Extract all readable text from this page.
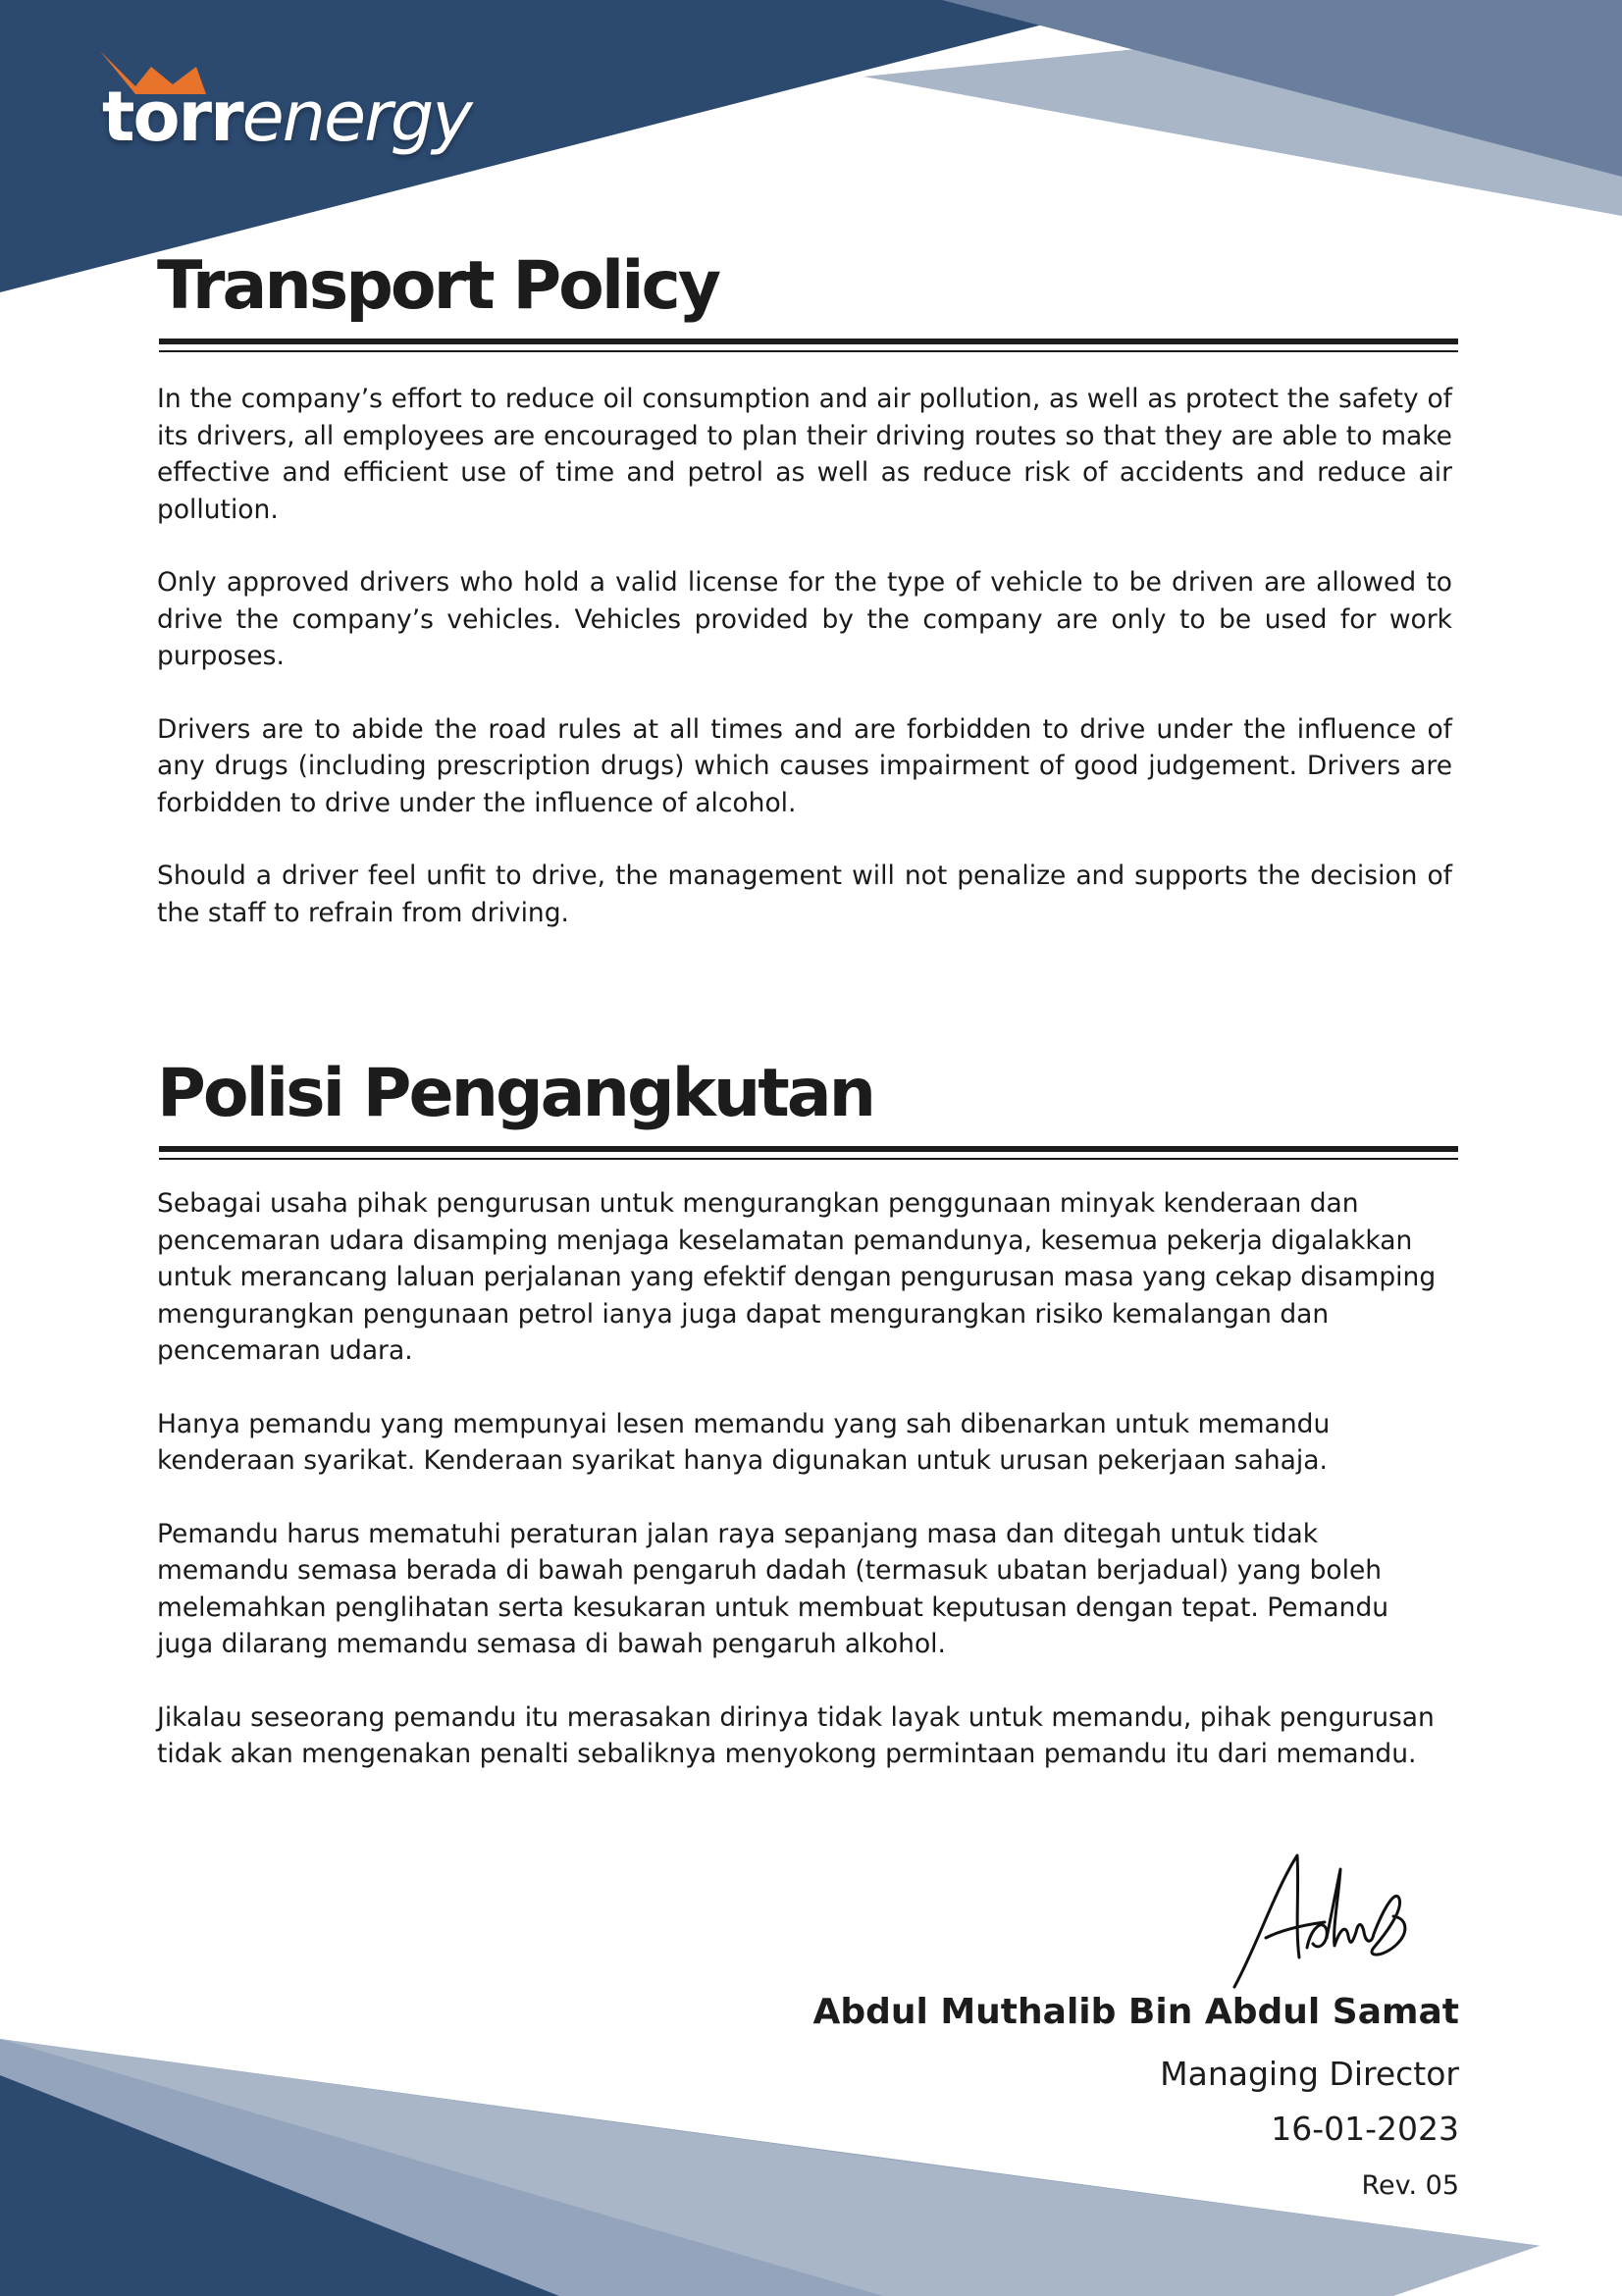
torrenergy
Transport Policy

In the company’s effort to reduce oil consumption and air pollution, as well as protect the safety of its drivers, all employees are encouraged to plan their driving routes so that they are able to make effective and efficient use of time and petrol as well as reduce risk of accidents and reduce air pollution.

Only approved drivers who hold a valid license for the type of vehicle to be driven are allowed to drive the company’s vehicles. Vehicles provided by the company are only to be used for work purposes.

Drivers are to abide the road rules at all times and are forbidden to drive under the influence of any drugs (including prescription drugs) which causes impairment of good judgement. Drivers are forbidden to drive under the influence of alcohol.

Should a driver feel unfit to drive, the management will not penalize and supports the decision of the staff to refrain from driving.

Polisi Pengangkutan

Sebagai usaha pihak pengurusan untuk mengurangkan penggunaan minyak kenderaan dan pencemaran udara disamping menjaga keselamatan pemandunya, kesemua pekerja digalakkan untuk merancang laluan perjalanan yang efektif dengan pengurusan masa yang cekap disamping mengurangkan pengunaan petrol ianya juga dapat mengurangkan risiko kemalangan dan pencemaran udara.

Hanya pemandu yang mempunyai lesen memandu yang sah dibenarkan untuk memandu kenderaan syarikat. Kenderaan syarikat hanya digunakan untuk urusan pekerjaan sahaja.

Pemandu harus mematuhi peraturan jalan raya sepanjang masa dan ditegah untuk tidak memandu semasa berada di bawah pengaruh dadah (termasuk ubatan berjadual) yang boleh melemahkan penglihatan serta kesukaran untuk membuat keputusan dengan tepat. Pemandu juga dilarang memandu semasa di bawah pengaruh alkohol.

Jikalau seseorang pemandu itu merasakan dirinya tidak layak untuk memandu, pihak pengurusan tidak akan mengenakan penalti sebaliknya menyokong permintaan pemandu itu dari memandu.

Abdul Muthalib Bin Abdul Samat
Managing Director
16-01-2023
Rev. 05
